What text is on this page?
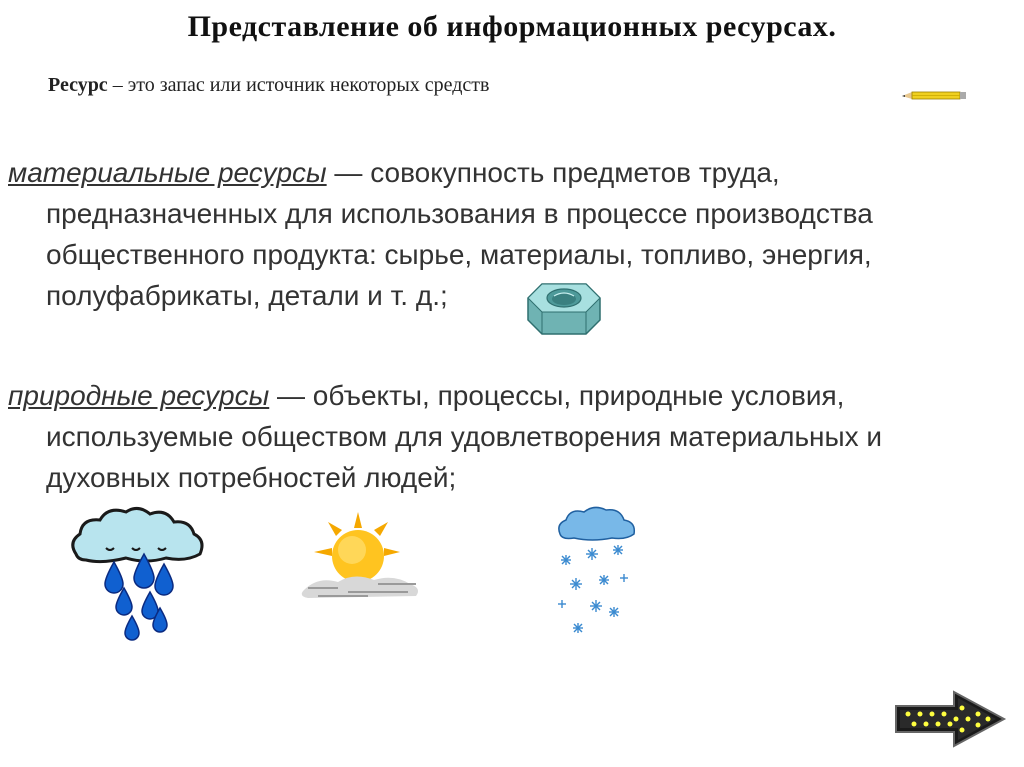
Представление об информационных ресурсах.
Ресурс – это запас или источник некоторых средств
материальные ресурсы — совокупность предметов труда,
предназначенных для использования в процессе производства
общественного продукта: сырье, материалы, топливо, энергия,
полуфабрикаты, детали и т. д.;
природные ресурсы — объекты, процессы, природные условия,
используемые обществом для удовлетворения материальных и
духовных потребностей людей;
